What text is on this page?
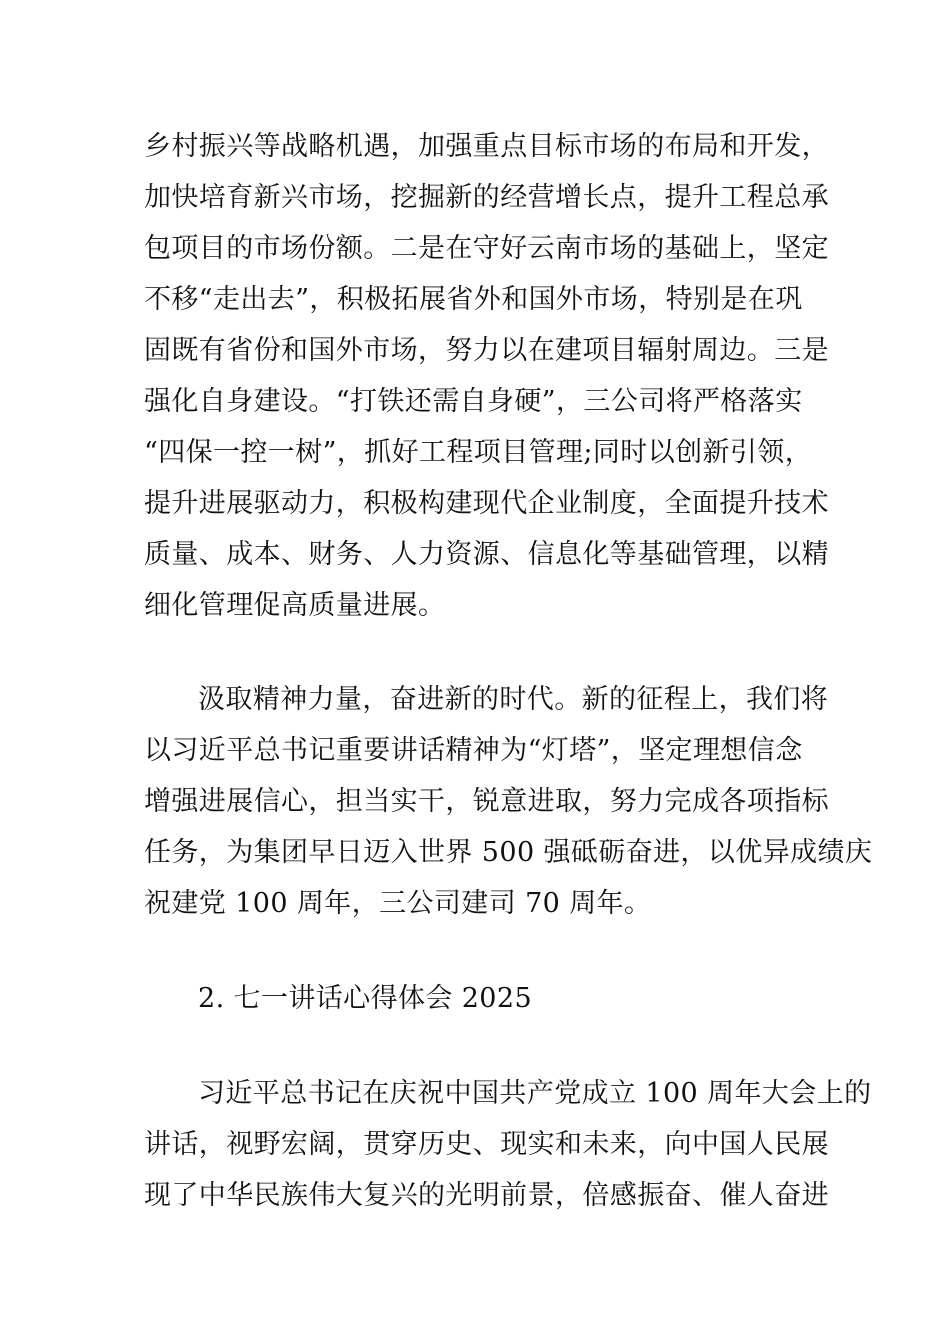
乡村振兴等战略机遇，加强重点目标市场的布局和开发，
加快培育新兴市场，挖掘新的经营增长点，提升工程总承
包项目的市场份额。二是在守好云南市场的基础上，坚定
不移“走出去”，积极拓展省外和国外市场，特别是在巩
固既有省份和国外市场，努力以在建项目辐射周边。三是
强化自身建设。“打铁还需自身硬”，三公司将严格落实
“四保一控一树”，抓好工程项目管理;同时以创新引领，
提升进展驱动力，积极构建现代企业制度，全面提升技术
质量、成本、财务、人力资源、信息化等基础管理，以精
细化管理促高质量进展。
汲取精神力量，奋进新的时代。新的征程上，我们将
以习近平总书记重要讲话精神为“灯塔”，坚定理想信念
增强进展信心，担当实干，锐意进取，努力完成各项指标
任务，为集团早日迈入世界 500 强砥砺奋进，以优异成绩庆
祝建党 100 周年，三公司建司 70 周年。
2. 七一讲话心得体会 2025
习近平总书记在庆祝中国共产党成立 100 周年大会上的
讲话，视野宏阔，贯穿历史、现实和未来，向中国人民展
现了中华民族伟大复兴的光明前景，倍感振奋、催人奋进
